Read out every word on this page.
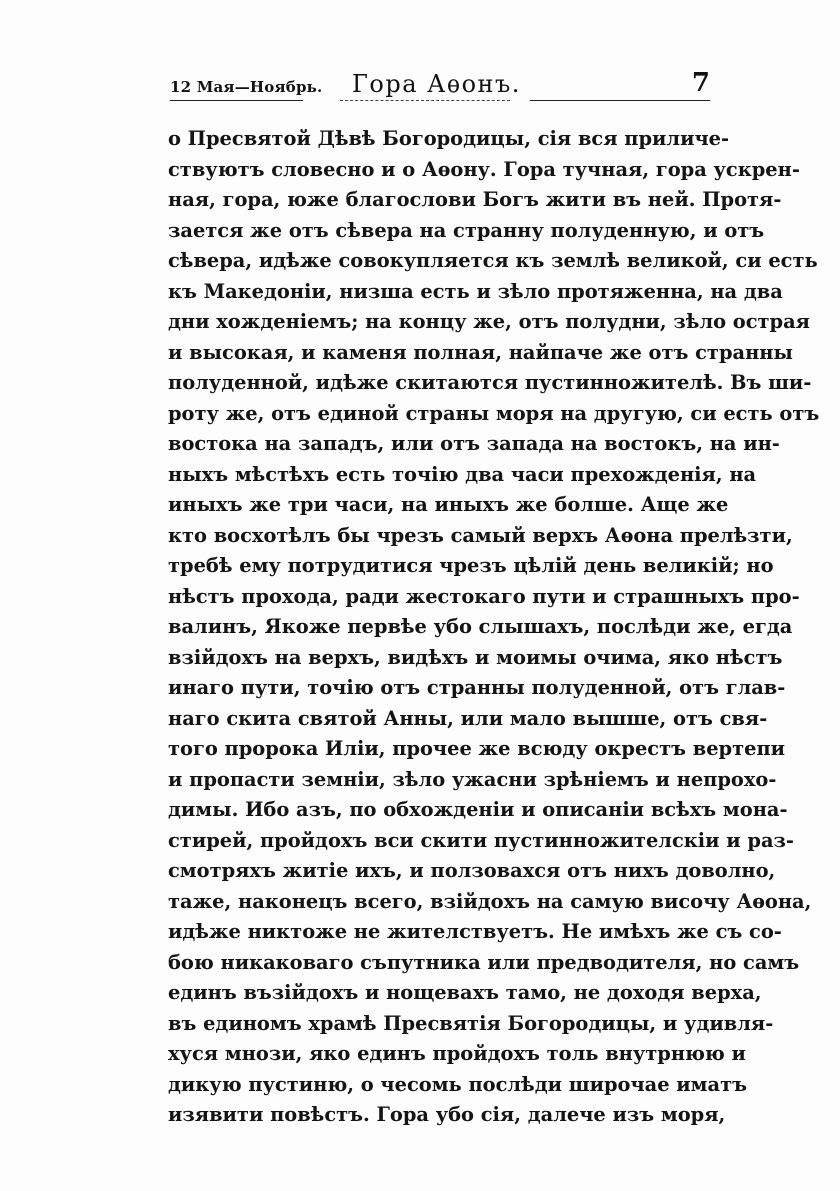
12 Мая—Ноябрь. Гора Аѳонъ.	7
о Пресвятой Дѣвѣ Богородицы, сія вся приличе-
ствуютъ словесно и о Аѳону. Гора тучная, гора ускрен-
ная, гора, юже благослови Богъ жити въ ней. Протя-
зается же отъ сѣвера на странну полуденную, и отъ
сѣвера, идѣже совокупляется къ землѣ великой, си есть
къ Македоніи, низша есть и зѣло протяженна, на два
дни хожденіемъ; на концу же, отъ полудни, зѣло острая
и высокая, и каменя полная, найпаче же отъ странны
полуденной, идѣже скитаются пустинножителѣ. Въ ши-
роту же, отъ единой страны моря на другую, си есть отъ
востока на западъ, или отъ запада на востокъ, на ин-
ныхъ мѣстѣхъ есть точію два часи прехожденія, на
иныхъ же три часи, на иныхъ же болше. Аще же
кто восхотѣлъ бы чрезъ самый верхъ Аѳона прелѣзти,
требѣ ему потрудитися чрезъ цѣлій день великій; но
нѣстъ прохода, ради жестокаго пути и страшныхъ про-
валинъ, Якоже первѣе убо слышахъ, послѣди же, егда
взійдохъ на верхъ, видѣхъ и моимы очима, яко нѣстъ
инаго пути, точію отъ странны полуденной, отъ глав-
наго скита святой Анны, или мало вышше, отъ свя-
того пророка Иліи, прочее же всюду окрестъ вертепи
и пропасти земніи, зѣло ужасни зрѣніемъ и непрохо-
димы. Ибо азъ, по обхожденіи и описаніи всѣхъ мона-
стирей, пройдохъ вси скити пустинножителскіи и раз-
смотряхъ житіе ихъ, и ползовахся отъ нихъ доволно,
таже, наконецъ всего, взійдохъ на самую височу Аѳона,
идѣже никтоже не жителствуетъ. Не имѣхъ же съ со-
бою никаковаго съпутника или предводителя, но самъ
единъ възійдохъ и нощевахъ тамо, не доходя верха,
въ единомъ храмѣ Пресвятія Богородицы, и удивля-
хуся мнози, яко единъ пройдохъ толь внутрнюю и
дикую пустиню, о чесомь послѣди широчае иматъ
изявити повѣстъ. Гора убо сія, далече изъ моря,
